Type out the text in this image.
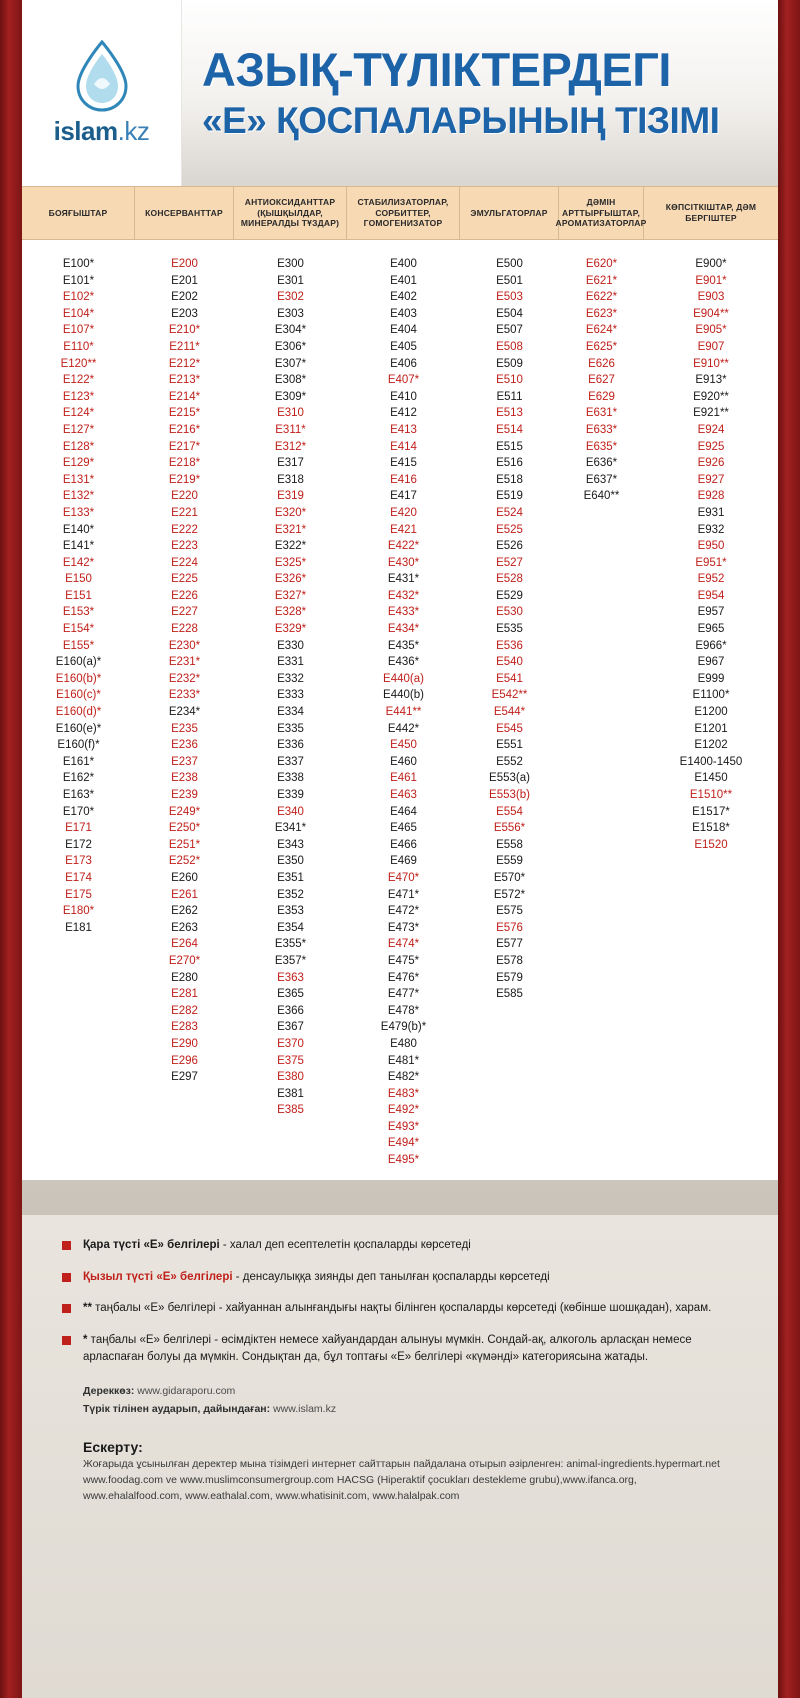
islam.kz
АЗЫҚ-ТҮЛІКТЕРДЕГІ
«Е» ҚОСПАЛАРЫНЫҢ ТІЗІМІ
БОЯҒЫШТАР	КОНСЕРВАНТТАР
АНТИОКСИДАНТТАР (ҚЫШҚЫЛДАР, МИНЕРАЛДЫ ТҰЗДАР)
СТАБИЛИЗАТОРЛАР, СОРБИТТЕР, ГОМОГЕНИЗАТОР
ЭМУЛЬГАТОРЛАР
ДӘМІН АРТТЫРҒЫШТАР, АРОМАТИЗАТОРЛАР
КӨПСІТКІШТАР, ДӘМ БЕРГІШТЕР
E100*
E101*
E102*
E104*
E107*
E110*
E120**
E122*
E123*
E124*
E127*
E128*
E129*
E131*
E132*
E133*
E140*
E141*
E142*
E150
E151
E153*
E154*
E155*
E160(a)*
E160(b)*
E160(c)*
E160(d)*
E160(e)*
E160(f)*
E161*
E162*
E163*
E170*
E171
E172
E173
E174
E175
E180*
E181
E200
E201
E202
E203
E210*
E211*
E212*
E213*
E214*
E215*
E216*
E217*
E218*
E219*
E220
E221
E222
E223
E224
E225
E226
E227
E228
E230*
E231*
E232*
E233*
E234*
E235
E236
E237
E238
E239
E249*
E250*
E251*
E252*
E260
E261
E262
E263
E264
E270*
E280
E281
E282
E283
E290
E296
E297
E300
E301
E302
E303
E304*
E306*
E307*
E308*
E309*
E310
E311*
E312*
E317
E318
E319
E320*
E321*
E322*
E325*
E326*
E327*
E328*
E329*
E330
E331
E332
E333
E334
E335
E336
E337
E338
E339
E340
E341*
E343
E350
E351
E352
E353
E354
E355*
E357*
E363
E365
E366
E367
E370
E375
E380
E381
E385
E400
E401
E402
E403
E404
E405
E406
E407*
E410
E412
E413
E414
E415
E416
E417
E420
E421
E422*
E430*
E431*
E432*
E433*
E434*
E435*
E436*
E440(a)
E440(b)
E441**
E442*
E450
E460
E461
E463
E464
E465
E466
E469
E470*
E471*
E472*
E473*
E474*
E475*
E476*
E477*
E478*
E479(b)*
E480
E481*
E482*
E483*
E492*
E493*
E494*
E495*
E500
E501
E503
E504
E507
E508
E509
E510
E511
E513
E514
E515
E516
E518
E519
E524
E525
E526
E527
E528
E529
E530
E535
E536
E540
E541
E542**
E544*
E545
E551
E552
E553(a)
E553(b)
E554
E556*
E558
E559
E570*
E572*
E575
E576
E577
E578
E579
E585
E620*
E621*
E622*
E623*
E624*
E625*
E626
E627
E629
E631*
E633*
E635*
E636*
E637*
E640**
E900*
E901*
E903
E904**
E905*
E907
E910**
E913*
E920**
E921**
E924
E925
E926
E927
E928
E931
E932
E950
E951*
E952
E954
E957
E965
E966*
E967
E999
E1100*
E1200
E1201
E1202
E1400-1450
E1450
E1510**
E1517*
E1518*
E1520
Қара түсті «Е» белгілері - халал деп есептелетін қоспаларды көрсетеді
Қызыл түсті «Е» белгілері - денсаулыққа зиянды деп танылған қоспаларды көрсетеді
** таңбалы «Е» белгілері - хайуаннан алынғандығы нақты білінген қоспаларды көрсетеді (көбінше шошқадан), харам.
* таңбалы «Е» белгілері - өсімдіктен немесе хайуандардан алынуы мүмкін. Сондай-ақ, алкоголь арласқан немесе арласпаған болуы да мүмкін. Сондықтан да, бұл топтағы «Е» белгілері «күмәнді» категориясына жатады.
Дереккөз: www.gidaraporu.com
Түрік тілінен аударып, дайындаған: www.islam.kz
Ескерту:
Жоғарыда ұсынылған деректер мына тізімдегі интернет сайттарын пайдалана отырып әзірленген: animal-ingredients.hypermart.net www.foodag.com ve www.muslimconsumergroup.com HACSG (Hiperaktif çocukları destekleme grubu),www.ifanca.org, www.ehalalfood.com, www.eathalal.com, www.whatisinit.com, www.halalpak.com
